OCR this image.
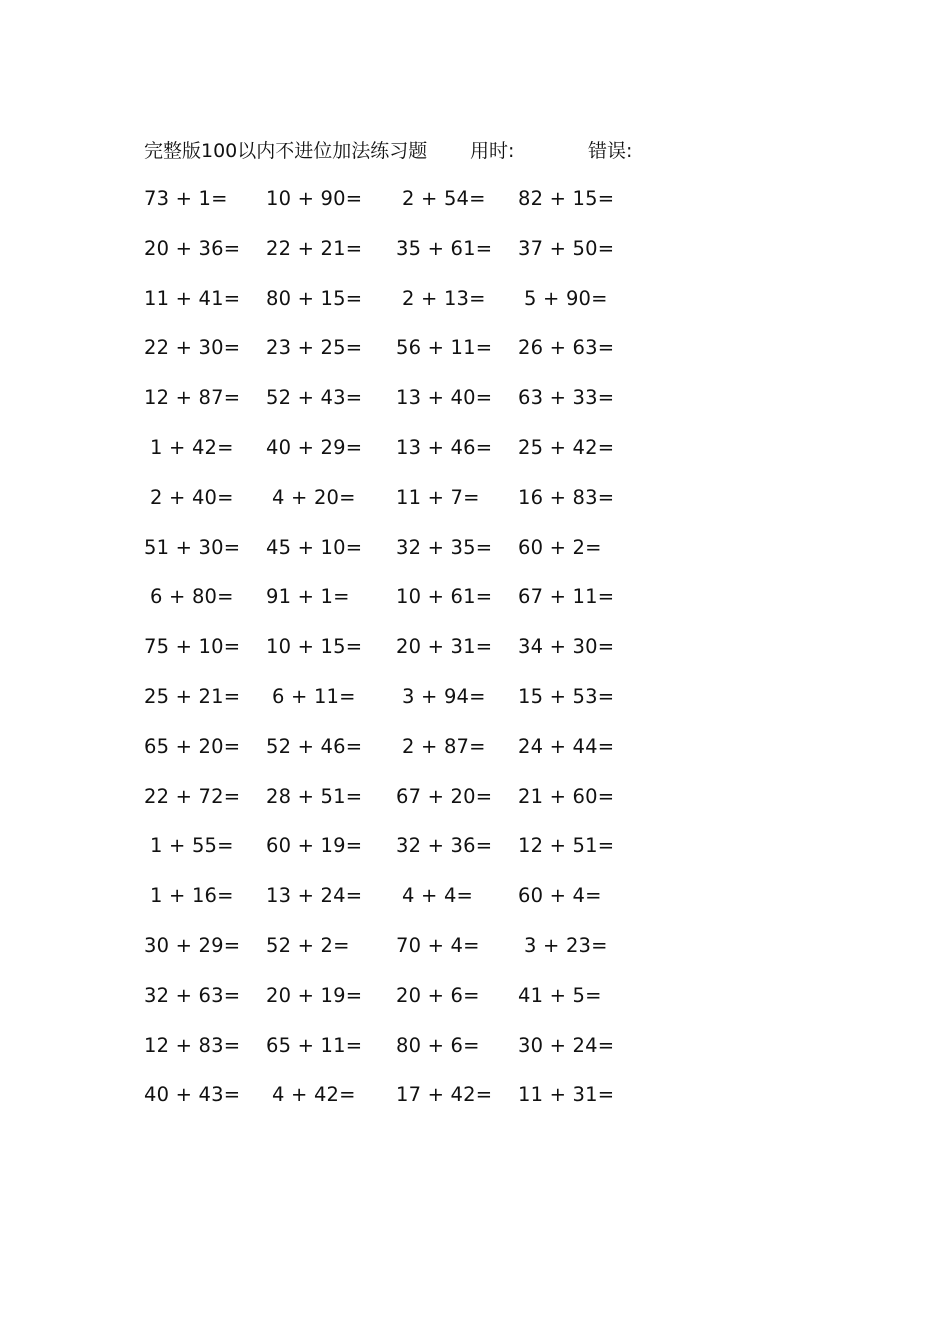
完整版100以内不进位加法练习题 用时:	错误:
73 + 1= 10 + 90= 2 + 54= 82 + 15=
20 + 36= 22 + 21= 35 + 61= 37 + 50=
11 + 41= 80 + 15= 2 + 13= 5 + 90=
22 + 30= 23 + 25= 56 + 11= 26 + 63=
12 + 87= 52 + 43= 13 + 40= 63 + 33=
1 + 42= 40 + 29= 13 + 46= 25 + 42=
2 + 40= 4 + 20= 11 + 7= 16 + 83=
51 + 30= 45 + 10= 32 + 35= 60 + 2=
6 + 80= 91 + 1= 10 + 61= 67 + 11=
75 + 10= 10 + 15= 20 + 31= 34 + 30=
25 + 21= 6 + 11= 3 + 94= 15 + 53=
65 + 20= 52 + 46= 2 + 87= 24 + 44=
22 + 72= 28 + 51= 67 + 20= 21 + 60=
1 + 55= 60 + 19= 32 + 36= 12 + 51=
1 + 16= 13 + 24= 4 + 4= 60 + 4=
30 + 29= 52 + 2= 70 + 4= 3 + 23=
32 + 63= 20 + 19= 20 + 6= 41 + 5=
12 + 83= 65 + 11= 80 + 6= 30 + 24=
40 + 43= 4 + 42= 17 + 42= 11 + 31=
